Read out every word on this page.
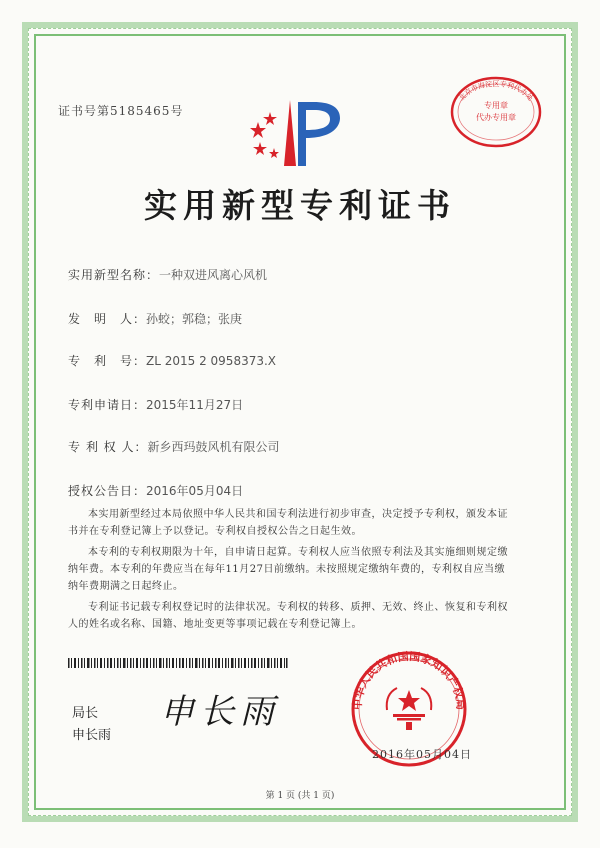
证书号第5185465号	专用章
代办专用章
北京市海淀区专利代办处
实用新型专利证书
实用新型名称：一种双进风离心风机
发　明　人：孙蛟；郭稳；张庚
专　利　号：ZL 2015 2 0958373.X
专利申请日：2015年11月27日
专 利 权 人：新乡西玛鼓风机有限公司
授权公告日：2016年05月04日

本实用新型经过本局依照中华人民共和国专利法进行初步审查，决定授予专利权，颁发本证书并在专利登记簿上予以登记。专利权自授权公告之日起生效。

本专利的专利权期限为十年，自申请日起算。专利权人应当依照专利法及其实施细则规定缴纳年费。本专利的年费应当在每年11月27日前缴纳。未按照规定缴纳年费的，专利权自应当缴纳年费期满之日起终止。

专利证书记载专利权登记时的法律状况。专利权的转移、质押、无效、终止、恢复和专利权人的姓名或名称、国籍、地址变更等事项记载在专利登记簿上。

局长
申长雨
申长雨	中华人民共和国国家知识产权局
2016年05月04日
第 1 页 (共 1 页)
